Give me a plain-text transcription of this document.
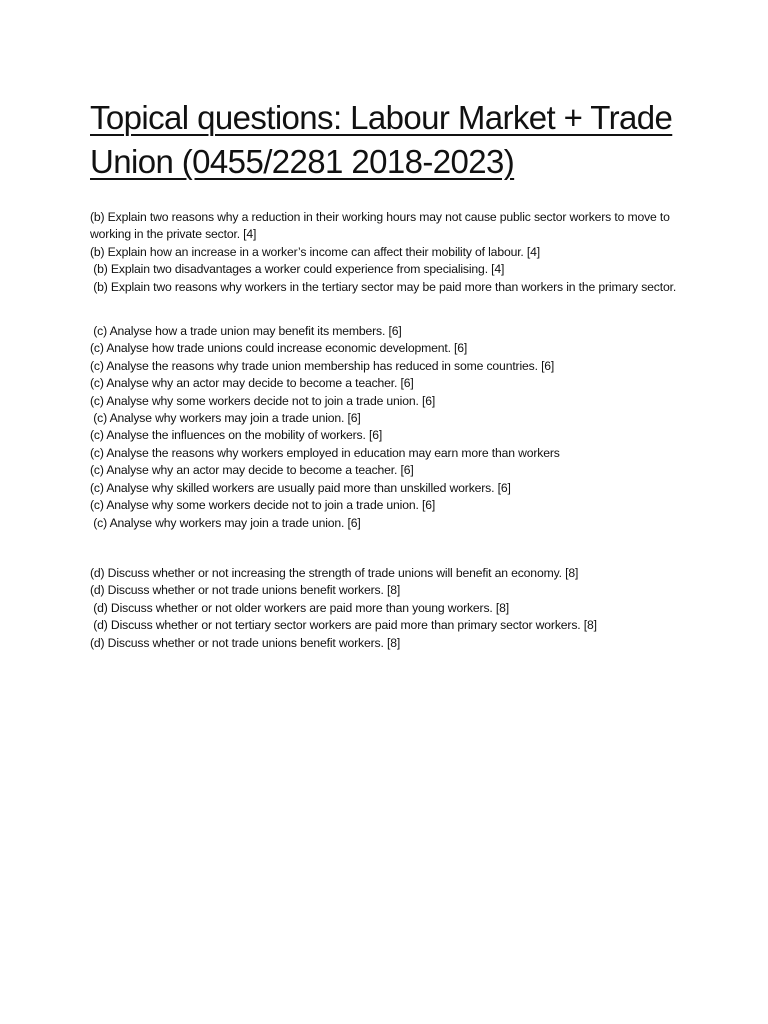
Topical questions: Labour Market + Trade Union (0455/2281 2018-2023)
(b) Explain two reasons why a reduction in their working hours may not cause public sector workers to move to working in the private sector. [4]
(b) Explain how an increase in a worker’s income can affect their mobility of labour. [4]
(b) Explain two disadvantages a worker could experience from specialising. [4]
(b) Explain two reasons why workers in the tertiary sector may be paid more than workers in the primary sector.
(c) Analyse how a trade union may benefit its members. [6]
(c) Analyse how trade unions could increase economic development. [6]
(c) Analyse the reasons why trade union membership has reduced in some countries. [6]
(c) Analyse why an actor may decide to become a teacher. [6]
(c) Analyse why some workers decide not to join a trade union. [6]
(c) Analyse why workers may join a trade union. [6]
(c) Analyse the influences on the mobility of workers. [6]
(c) Analyse the reasons why workers employed in education may earn more than workers
(c) Analyse why an actor may decide to become a teacher. [6]
(c) Analyse why skilled workers are usually paid more than unskilled workers. [6]
(c) Analyse why some workers decide not to join a trade union. [6]
(c) Analyse why workers may join a trade union. [6]
(d) Discuss whether or not increasing the strength of trade unions will benefit an economy. [8]
(d) Discuss whether or not trade unions benefit workers. [8]
(d) Discuss whether or not older workers are paid more than young workers. [8]
(d) Discuss whether or not tertiary sector workers are paid more than primary sector workers. [8]
(d) Discuss whether or not trade unions benefit workers. [8]
